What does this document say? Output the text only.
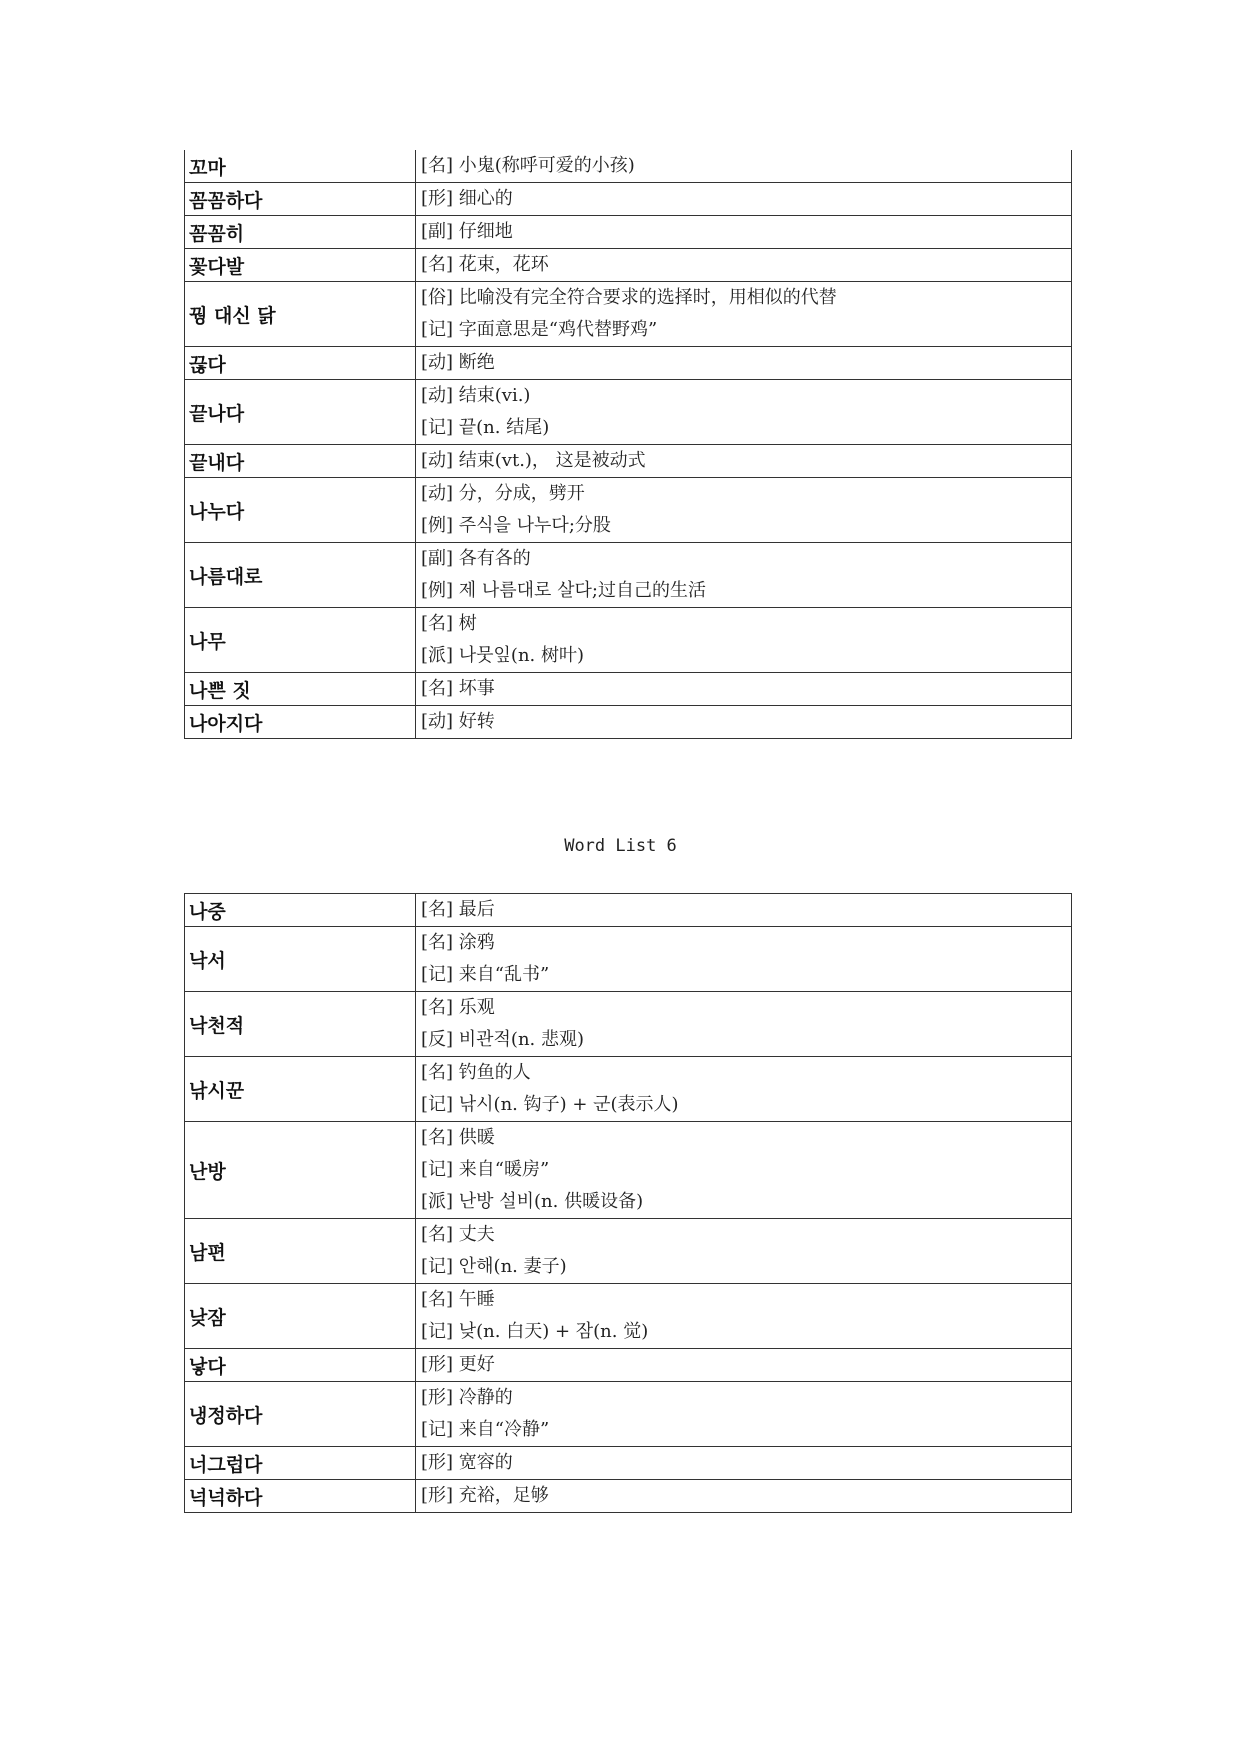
꼬마	[名] 小鬼(称呼可爱的小孩)

꼼꼼하다	[形] 细心的

꼼꼼히	[副] 仔细地

꽃다발	[名] 花束，花环

꿩 대신 닭	[俗] 比喻没有完全符合要求的选择时，用相似的代替
[记] 字面意思是“鸡代替野鸡”

끊다	[动] 断绝

끝나다	[动] 结束(vi.)
[记] 끝(n. 结尾)

끝내다	[动] 结束(vt.)， 这是被动式

나누다	[动] 分，分成，劈开
[例] 주식을 나누다;分股

나름대로	[副] 各有各的
[例] 제 나름대로 살다;过自己的生活

나무	[名] 树
[派] 나뭇잎(n. 树叶)

나쁜 짓	[名] 坏事

나아지다	[动] 好转
Word List 6
나중	[名] 最后

낙서	[名] 涂鸦
[记] 来自“乱书”

낙천적	[名] 乐观
[反] 비관적(n. 悲观)

낚시꾼	[名] 钓鱼的人
[记] 낚시(n. 钩子) + 군(表示人)

난방	[名] 供暖
[记] 来自“暖房”
[派] 난방 설비(n. 供暖设备)

남편	[名] 丈夫
[记] 안해(n. 妻子)

낮잠	[名] 午睡
[记] 낮(n. 白天) + 잠(n. 觉)

낳다	[形] 更好

냉정하다	[形] 冷静的
[记] 来自“冷静”

너그럽다	[形] 宽容的

넉넉하다	[形] 充裕，足够
